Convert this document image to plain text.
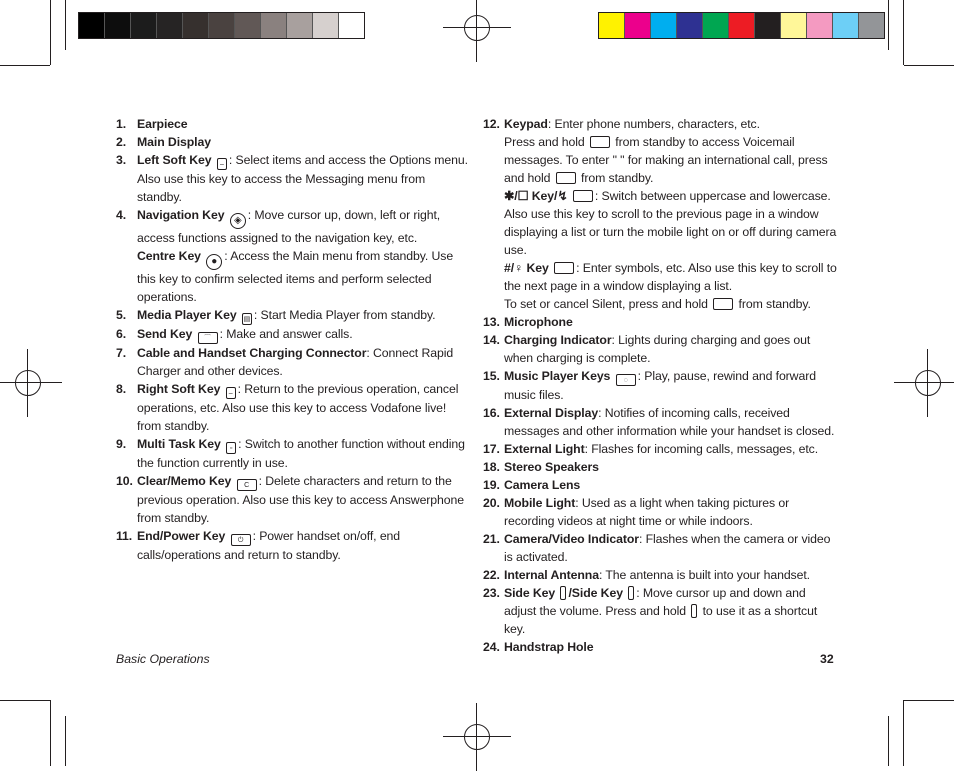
1. Earpiece
2. Main Display
3. Left Soft Key – : Select items and access the Options menu. Also use this key to access the Messaging menu from standby.
4. Navigation Key ◈ : Move cursor up, down, left or right, access functions assigned to the navigation key, etc.
Centre Key ● : Access the Main menu from standby. Use this key to confirm selected items and perform selected operations.
5. Media Player Key ▤ : Start Media Player from standby.
6. Send Key ⌒ : Make and answer calls.
7. Cable and Handset Charging Connector: Connect Rapid Charger and other devices.
8. Right Soft Key – : Return to the previous operation, cancel operations, etc. Also use this key to access Vodafone live! from standby.
9. Multi Task Key ▫ : Switch to another function without ending the function currently in use.
10. Clear/Memo Key C : Delete characters and return to the previous operation. Also use this key to access Answerphone from standby.
11. End/Power Key ⏻ : Power handset on/off, end calls/operations and return to standby.
12. Keypad: Enter phone numbers, characters, etc.
Press and hold  from standby to access Voicemail messages. To enter " " for making an international call, press and hold  from standby.
✱/☐ Key/↯ : Switch between uppercase and lowercase. Also use this key to scroll to the previous page in a window displaying a list or turn the mobile light on or off during camera use.
#/♀ Key : Enter symbols, etc. Also use this key to scroll to the next page in a window displaying a list.
To set or cancel Silent, press and hold  from standby.
13. Microphone
14. Charging Indicator: Lights during charging and goes out when charging is complete.
15. Music Player Keys ◌ : Play, pause, rewind and forward music files.
16. External Display: Notifies of incoming calls, received messages and other information while your handset is closed.
17. External Light: Flashes for incoming calls, messages, etc.
18. Stereo Speakers
19. Camera Lens
20. Mobile Light: Used as a light when taking pictures or recording videos at night time or while indoors.
21. Camera/Video Indicator: Flashes when the camera or video is activated.
22. Internal Antenna: The antenna is built into your handset.
23. Side Key /Side Key : Move cursor up and down and adjust the volume. Press and hold  to use it as a shortcut key.
24. Handstrap Hole
Basic Operations	32
